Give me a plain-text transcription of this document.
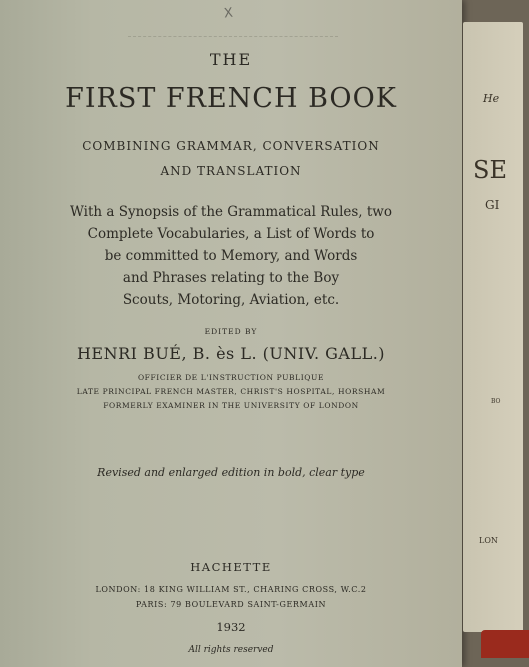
X
THE
FIRST FRENCH BOOK
COMBINING GRAMMAR, CONVERSATION
AND TRANSLATION
With a Synopsis of the Grammatical Rules, two
Complete Vocabularies, a List of Words to
be committed to Memory, and Words
and Phrases relating to the Boy
Scouts, Motoring, Aviation, etc.
EDITED BY
HENRI BUÉ, B. ès L. (UNIV. GALL.)
OFFICIER DE L'INSTRUCTION PUBLIQUE
LATE PRINCIPAL FRENCH MASTER, CHRIST'S HOSPITAL, HORSHAM
FORMERLY EXAMINER IN THE UNIVERSITY OF LONDON
Revised and enlarged edition in bold, clear type
HACHETTE
LONDON: 18 KING WILLIAM ST., CHARING CROSS, W.C.2
PARIS: 79 BOULEVARD SAINT-GERMAIN
1932
All rights reserved
He
SE
GI
BO
LON
